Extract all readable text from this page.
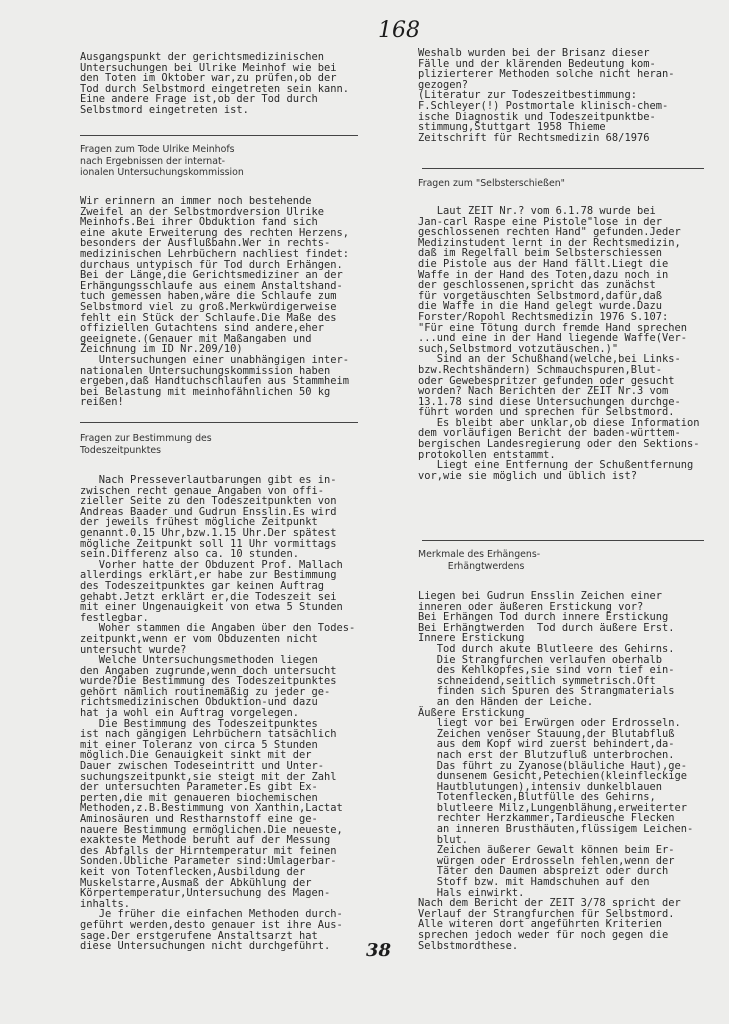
168

Ausgangspunkt der gerichtsmedizinischen
Untersuchungen bei Ulrike Meinhof wie bei
den Toten im Oktober war,zu prüfen,ob der
Tod durch Selbstmord eingetreten sein kann.
Eine andere Frage ist,ob der Tod durch
Selbstmord eingetreten ist.

Fragen zum Tode Ulrike Meinhofs
nach Ergebnissen der internat-
ionalen Untersuchungskommission

Wir erinnern an immer noch bestehende
Zweifel an der Selbstmordversion Ulrike
Meinhofs.Bei ihrer Obduktion fand sich
eine akute Erweiterung des rechten Herzens,
besonders der Ausflußbahn.Wer in rechts-
medizinischen Lehrbüchern nachliest findet:
durchaus untypisch für Tod durch Erhängen.
Bei der Länge,die Gerichtsmediziner an der
Erhängungsschlaufe aus einem Anstaltshand-
tuch gemessen haben,wäre die Schlaufe zum
Selbstmord viel zu groß.Merkwürdigerweise
fehlt ein Stück der Schlaufe.Die Maße des
offiziellen Gutachtens sind andere,eher
geeignete.(Genauer mit Maßangaben und
Zeichnung im ID Nr.209/10)
Untersuchungen einer unabhängigen inter-
nationalen Untersuchungskommission haben
ergeben,daß Handtuchschlaufen aus Stammheim
bei Belastung mit meinhofähnlichen 50 kg
reißen!

Fragen zur Bestimmung des
Todeszeitpunktes

Nach Presseverlautbarungen gibt es in-
zwischen recht genaue Angaben von offi-
zieller Seite zu den Todeszeitpunkten von
Andreas Baader und Gudrun Ensslin.Es wird
der jeweils frühest mögliche Zeitpunkt
genannt.0.15 Uhr,bzw.1.15 Uhr.Der spätest
mögliche Zeitpunkt soll 11 Uhr vormittags
sein.Differenz also ca. 10 stunden.
Vorher hatte der Obduzent Prof. Mallach
allerdings erklärt,er habe zur Bestimmung
des Todeszeitpunktes gar keinen Auftrag
gehabt.Jetzt erklärt er,die Todeszeit sei
mit einer Ungenauigkeit von etwa 5 Stunden
festlegbar.
Woher stammen die Angaben über den Todes-
zeitpunkt,wenn er vom Obduzenten nicht
untersucht wurde?
Welche Untersuchungsmethoden liegen
den Angaben zugrunde,wenn doch untersucht
wurde?Die Bestimmung des Todeszeitpunktes
gehört nämlich routinemäßig zu jeder ge-
richtsmedizinischen Obduktion-und dazu
hat ja wohl ein Auftrag vorgelegen.
Die Bestimmung des Todeszeitpunktes
ist nach gängigen Lehrbüchern tatsächlich
mit einer Toleranz von circa 5 Stunden
möglich.Die Genauigkeit sinkt mit der
Dauer zwischen Todeseintritt und Unter-
suchungszeitpunkt,sie steigt mit der Zahl
der untersuchten Parameter.Es gibt Ex-
perten,die mit genaueren biochemischen
Methoden,z.B.Bestimmung von Xanthin,Lactat
Aminosäuren und Restharnstoff eine ge-
nauere Bestimmung ermöglichen.Die neueste,
exakteste Methode beruht auf der Messung
des Abfalls der Hirntemperatur mit feinen
Sonden.Übliche Parameter sind:Umlagerbar-
keit von Totenflecken,Ausbildung der
Muskelstarre,Ausmaß der Abkühlung der
Körpertemperatur,Untersuchung des Magen-
inhalts.
Je früher die einfachen Methoden durch-
geführt werden,desto genauer ist ihre Aus-
sage.Der erstgerufene Anstaltsarzt hat
diese Untersuchungen nicht durchgeführt.

Weshalb wurden bei der Brisanz dieser
Fälle und der klärenden Bedeutung kom-
plizierterer Methoden solche nicht heran-
gezogen?
(Literatur zur Todeszeitbestimmung:
F.Schleyer(!) Postmortale klinisch-chem-
ische Diagnostik und Todeszeitpunktbe-
stimmung,Stuttgart 1958 Thieme
Zeitschrift für Rechtsmedizin 68/1976

Fragen zum "Selbsterschießen"

Laut ZEIT Nr.? vom 6.1.78 wurde bei
Jan-carl Raspe eine Pistole"lose in der
geschlossenen rechten Hand" gefunden.Jeder
Medizinstudent lernt in der Rechtsmedizin,
daß im Regelfall beim Selbsterschiessen
die Pistole aus der Hand fällt.Liegt die
Waffe in der Hand des Toten,dazu noch in
der geschlossenen,spricht das zunächst
für vorgetäuschten Selbstmord,dafür,daß
die Waffe in die Hand gelegt wurde.Dazu
Forster/Ropohl Rechtsmedizin 1976 S.107:
"Für eine Tötung durch fremde Hand sprechen
...und eine in der Hand liegende Waffe(Ver-
such,Selbstmord votzutäuschen.)"
Sind an der Schußhand(welche,bei Links-
bzw.Rechtshändern) Schmauchspuren,Blut-
oder Gewebespritzer gefunden oder gesucht
worden? Nach Berichten der ZEIT Nr.3 vom
13.1.78 sind diese Untersuchungen durchge-
führt worden und sprechen für Selbstmord.
Es bleibt aber unklar,ob diese Information
dem vorläufigen Bericht der baden-württem-
bergischen Landesregierung oder den Sektions-
protokollen entstammt.
Liegt eine Entfernung der Schußentfernung
vor,wie sie möglich und üblich ist?

Merkmale des Erhängens-
Erhängtwerdens

Liegen bei Gudrun Ensslin Zeichen einer
inneren oder äußeren Erstickung vor?
Bei Erhängen Tod durch innere Erstickung
Bei Erhängtwerden  Tod durch äußere Erst.
Innere Erstickung
Tod durch akute Blutleere des Gehirns.
Die Strangfurchen verlaufen oberhalb
des Kehlkopfes,sie sind vorn tief ein-
schneidend,seitlich symmetrisch.Oft
finden sich Spuren des Strangmaterials
an den Händen der Leiche.
Äußere Erstickung
liegt vor bei Erwürgen oder Erdrosseln.
Zeichen venöser Stauung,der Blutabfluß
aus dem Kopf wird zuerst behindert,da-
nach erst der Blutzufluß unterbrochen.
Das führt zu Zyanose(bläuliche Haut),ge-
dunsenem Gesicht,Petechien(kleinfleckige
Hautblutungen),intensiv dunkelblauen
Totenflecken,Blutfülle des Gehirns,
blutleere Milz,Lungenblähung,erweiterter
rechter Herzkammer,Tardieusche Flecken
an inneren Brusthäuten,flüssigem Leichen-
blut.
Zeichen äußerer Gewalt können beim Er-
würgen oder Erdrosseln fehlen,wenn der
Täter den Daumen abspreizt oder durch
Stoff bzw. mit Hamdschuhen auf den
Hals einwirkt.
Nach dem Bericht der ZEIT 3/78 spricht der
Verlauf der Strangfurchen für Selbstmord.
Alle witeren dort angeführten Kriterien
sprechen jedoch weder für noch gegen die
Selbstmordthese.

38
